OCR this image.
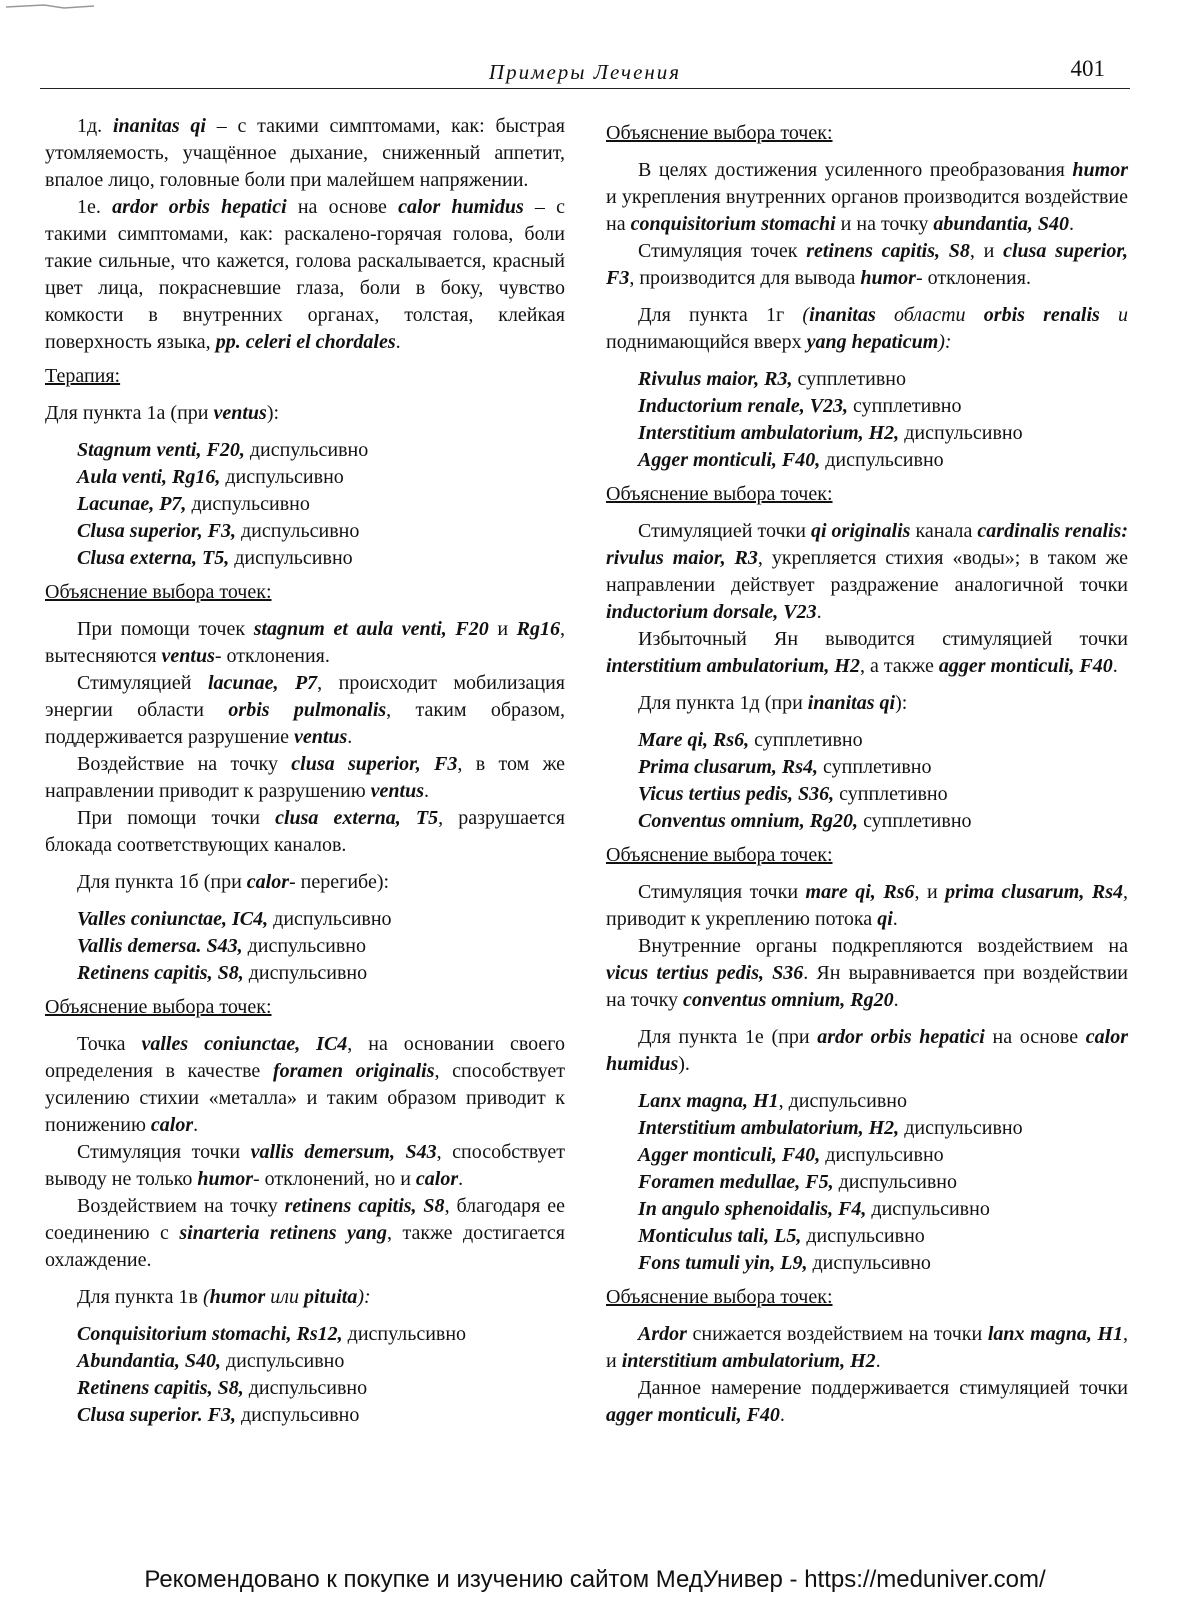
Примеры Лечения	401

1д. inanitas qi – с такими симптомами, как: быстрая утомляемость, учащённое дыхание, сниженный аппетит, впалое лицо, головные боли при малейшем напряжении.

1е. ardor orbis hepatici на основе calor humidus – с такими симптомами, как: раскалено-горячая голова, боли такие сильные, что кажется, голова раскалывается, красный цвет лица, покрасневшие глаза, боли в боку, чувство комкости в внутренних органах, толстая, клейкая поверхность языка, pp. celeri el chordales.

Терапия:

Для пункта 1а (при ventus):

Stagnum venti, F20, диспульсивно

Aula venti, Rg16, диспульсивно

Lacunae, P7, диспульсивно

Clusa superior, F3, диспульсивно

Clusa externa, T5, диспульсивно

Объяснение выбора точек:

При помощи точек stagnum et aula venti, F20 и Rg16, вытесняются ventus- отклонения.

Стимуляцией lacunae, P7, происходит мобилизация энергии области orbis pulmonalis, таким образом, поддерживается разрушение ventus.

Воздействие на точку clusa superior, F3, в том же направлении приводит к разрушению ventus.

При помощи точки clusa externa, T5, разрушается блокада соответствующих каналов.

Для пункта 1б (при calor- перегибе):

Valles coniunctae, IC4, диспульсивно

Vallis demersa. S43, диспульсивно

Retinens capitis, S8, диспульсивно

Объяснение выбора точек:

Точка valles coniunctae, IC4, на основании своего определения в качестве foramen originalis, способствует усилению стихии «металла» и таким образом приводит к понижению calor.

Стимуляция точки vallis demersum, S43, способствует выводу не только humor- отклонений, но и calor.

Воздействием на точку retinens capitis, S8, благодаря ее соединению с sinarteria retinens yang, также достигается охлаждение.

Для пункта 1в (humor или pituita):

Conquisitorium stomachi, Rs12, диспульсивно

Abundantia, S40, диспульсивно

Retinens capitis, S8, диспульсивно

Clusa superior. F3, диспульсивно

Объяснение выбора точек:

В целях достижения усиленного преобразования humor и укрепления внутренних органов производится воздействие на conquisitorium stomachi и на точку abundantia, S40.

Стимуляция точек retinens capitis, S8, и clusa superior, F3, производится для вывода humor- отклонения.

Для пункта 1г (inanitas области orbis renalis и поднимающийся вверх yang hepaticum):

Rivulus maior, R3, супплетивно

Inductorium renale, V23, супплетивно

Interstitium ambulatorium, H2, диспульсивно

Agger monticuli, F40, диспульсивно

Объяснение выбора точек:

Стимуляцией точки qi originalis канала cardinalis renalis: rivulus maior, R3, укрепляется стихия «воды»; в таком же направлении действует раздражение аналогичной точки inductorium dorsale, V23.

Избыточный Ян выводится стимуляцией точки interstitium ambulatorium, H2, а также agger monticuli, F40.

Для пункта 1д (при inanitas qi):

Mare qi, Rs6, супплетивно

Prima clusarum, Rs4, супплетивно

Vicus tertius pedis, S36, супплетивно

Conventus omnium, Rg20, супплетивно

Объяснение выбора точек:

Стимуляция точки mare qi, Rs6, и prima clusarum, Rs4, приводит к укреплению потока qi.

Внутренние органы подкрепляются воздействием на vicus tertius pedis, S36. Ян выравнивается при воздействии на точку conventus omnium, Rg20.

Для пункта 1е (при ardor orbis hepatici на основе calor humidus).

Lanx magna, H1, диспульсивно

Interstitium ambulatorium, H2, диспульсивно

Agger monticuli, F40, диспульсивно

Foramen medullae, F5, диспульсивно

In angulo sphenoidalis, F4, диспульсивно

Monticulus tali, L5, диспульсивно

Fons tumuli yin, L9, диспульсивно

Объяснение выбора точек:

Ardor снижается воздействием на точки lanx magna, H1, и interstitium ambulatorium, H2.

Данное намерение поддерживается стимуляцией точки agger monticuli, F40.

Рекомендовано к покупке и изучению сайтом МедУнивер - https://meduniver.com/
